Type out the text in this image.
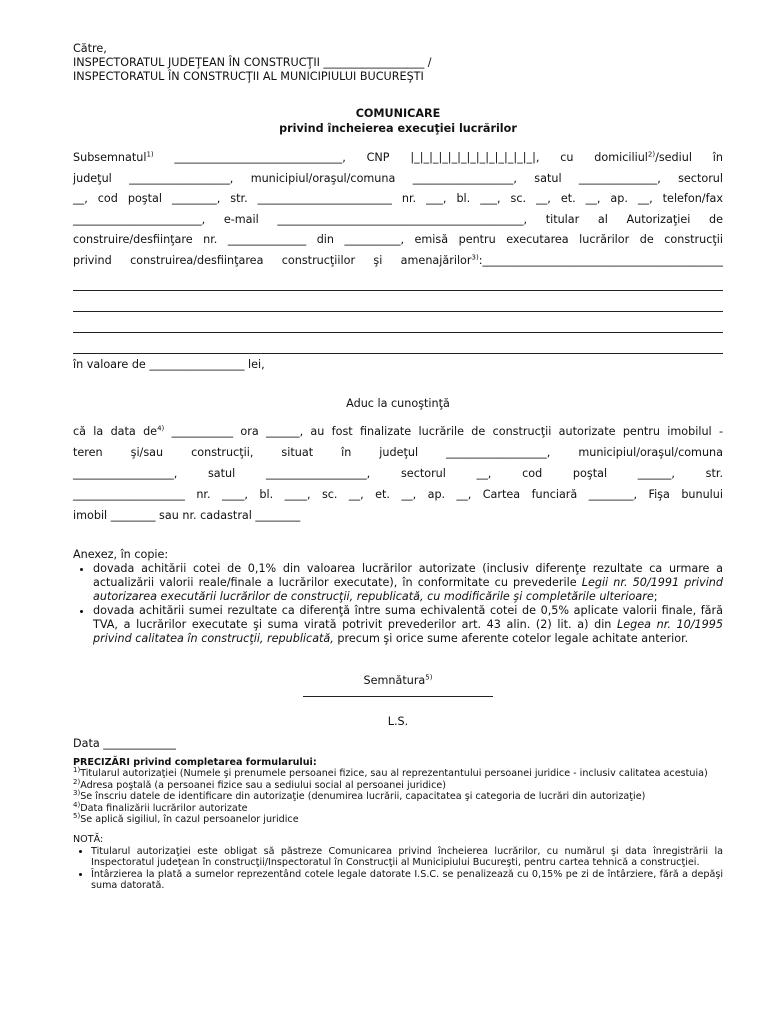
Către,

INSPECTORATUL JUDEŢEAN ÎN CONSTRUCŢII __________________ /

INSPECTORATUL ÎN CONSTRUCŢII AL MUNICIPIULUI BUCUREŞTI

COMUNICARE
privind încheierea execuţiei lucrărilor

Subsemnatul$^{1)}$ ______________________________, CNP |_|_|_|_|_|_|_|_|_|_|_|_|_|, cu domiciliul$^{2)}$/sediul în

judeţul __________________, municipiul/oraşul/comuna __________________, satul ______________, sectorul

__, cod poştal ________, str. ________________________ nr. ___, bl. ___, sc. __, et. __, ap. __, telefon/fax

_______________________, e-mail ____________________________________________, titular al Autorizaţiei de

construire/desfiinţare nr. ______________ din __________, emisă pentru executarea lucrărilor de construcţii

privind construirea/desfiinţarea construcţiilor şi amenajărilor$^{3)}$:___________________________________________

în valoare de _________________ lei,

Aduc la cunoştinţă

că la data $de^{4)}$ ___________ ora ______, au fost finalizate lucrările de construcţii autorizate pentru imobilul -

teren şi/sau construcţii, situat în judeţul __________________, municipiul/oraşul/comuna

__________________, satul __________________, sectorul __, cod poştal ______, str.

____________________ nr. ____, bl. ____, sc. __, et. __, ap. __, Cartea funciară ________, Fişa bunului

imobil ________ sau nr. cadastral ________

Anexez, în copie:
• dovada achitării cotei de 0,1% din valoarea lucrărilor autorizate (inclusiv diferenţe rezultate ca urmare a actualizării valorii reale/finale a lucrărilor executate), în conformitate cu prevederile Legii nr. 50/1991 privind autorizarea executării lucrărilor de construcţii, republicată, cu modificările şi completările ulterioare;
• dovada achitării sumei rezultate ca diferenţă între suma echivalentă cotei de 0,5% aplicate valorii finale, fără TVA, a lucrărilor executate şi suma virată potrivit prevederilor art. 43 alin. (2) lit. a) din Legea nr. 10/1995 privind calitatea în construcţii, republicată, precum şi orice sume aferente cotelor legale achitate anterior.
Semnătura$^{5)}$
L.S.
Data _____________
PRECIZĂRI privind completarea formularului:

$^{1)}$Titularul autorizaţiei (Numele şi prenumele persoanei fizice, sau al reprezentantului persoanei juridice - inclusiv calitatea acestuia)

$^{2)}$Adresa poştală (a persoanei fizice sau a sediului social al persoanei juridice)

$^{3)}$Se înscriu datele de identificare din autorizaţie (denumirea lucrării, capacitatea şi categoria de lucrări din autorizaţie)

$^{4)}$Data finalizării lucrărilor autorizate

$^{5)}$Se aplică sigiliul, în cazul persoanelor juridice

NOTĂ:
• Titularul autorizaţiei este obligat să păstreze Comunicarea privind încheierea lucrărilor, cu numărul şi data înregistrării la Inspectoratul judeţean în construcţii/Inspectoratul în Construcţii al Municipiului Bucureşti, pentru cartea tehnică a construcţiei.
• Întârzierea la plată a sumelor reprezentând cotele legale datorate I.S.C. se penalizează cu 0,15% pe zi de întârziere, fără a depăşi suma datorată.
